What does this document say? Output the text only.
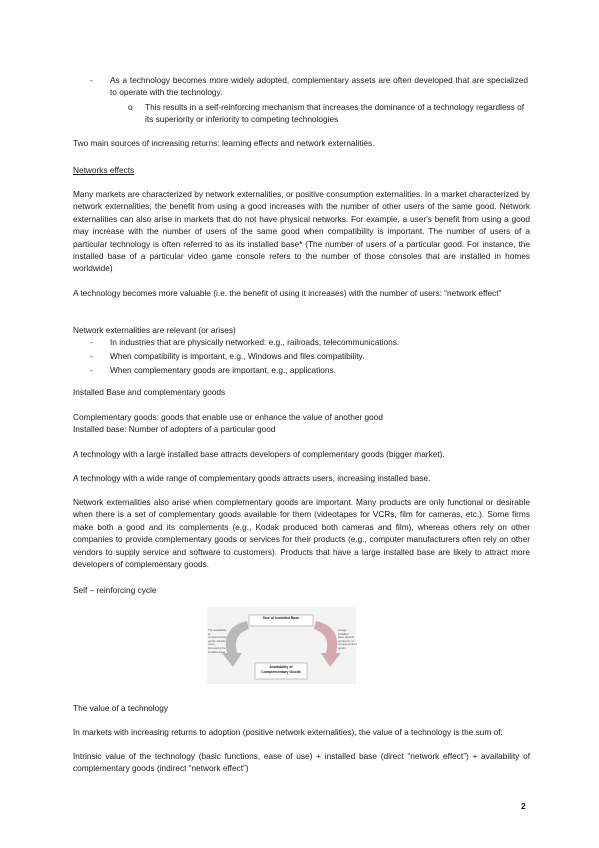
- As a technology becomes more widely adopted, complementary assets are often developed that are specialized to operate with the technology.
o This results in a self-reinforcing mechanism that increases the dominance of a technology regardless of its superiority or inferiority to competing technologies
Two main sources of increasing returns: learning effects and network externalities.
Networks effects
Many markets are characterized by network externalities, or positive consumption externalities. In a market characterized by network externalities, the benefit from using a good increases with the number of other users of the same good. Network externalities can also arise in markets that do not have physical networks. For example, a user's benefit from using a good may increase with the number of users of the same good when compatibility is important. The number of users of a particular technology is often referred to as its installed base* (The number of users of a particular good. For instance, the installed base of a particular video game console refers to the number of those consoles that are installed in homes worldwide)
A technology becomes more valuable (i.e. the benefit of using it increases) with the number of users: “network effect”
Network externalities are relevant (or arises)
- In industries that are physically networked: e.g., railroads, telecommunications.
- When compatibility is important, e.g., Windows and files compatibility.
- When complementary goods are important, e.g., applications.
Installed Base and complementary goods
Complementary goods: goods that enable use or enhance the value of another good
Installed base: Number of adopters of a particular good
A technology with a large installed base attracts developers of complementary goods (bigger market).
A technology with a wide range of complementary goods attracts users, increasing installed base.
Network externalities also arise when complementary goods are important. Many products are only functional or desirable when there is a set of complementary goods available for them (videotapes for VCRs, film for cameras, etc.). Some firms make both a good and its complements (e.g., Kodak produced both cameras and film), whereas others rely on other companies to provide complementary goods or services for their products (e.g., computer manufacturers often rely on other vendors to supply service and software to customers). Products that have a large installed base are likely to attract more developers of complementary goods.
Self – reinforcing cycle
Size of Installed Base
Availability of
Complementary Goods
The availability of complementary goods attracts users, increasing the installed base
A large installed base attracts producers of complementary goods
The value of a technology
In markets with increasing returns to adoption (positive network externalities), the value of a technology is the sum of:
Intrinsic value of the technology (basic functions, ease of use) + installed base (direct “network effect”) + availability of complementary goods (indirect “network effect”)
2
